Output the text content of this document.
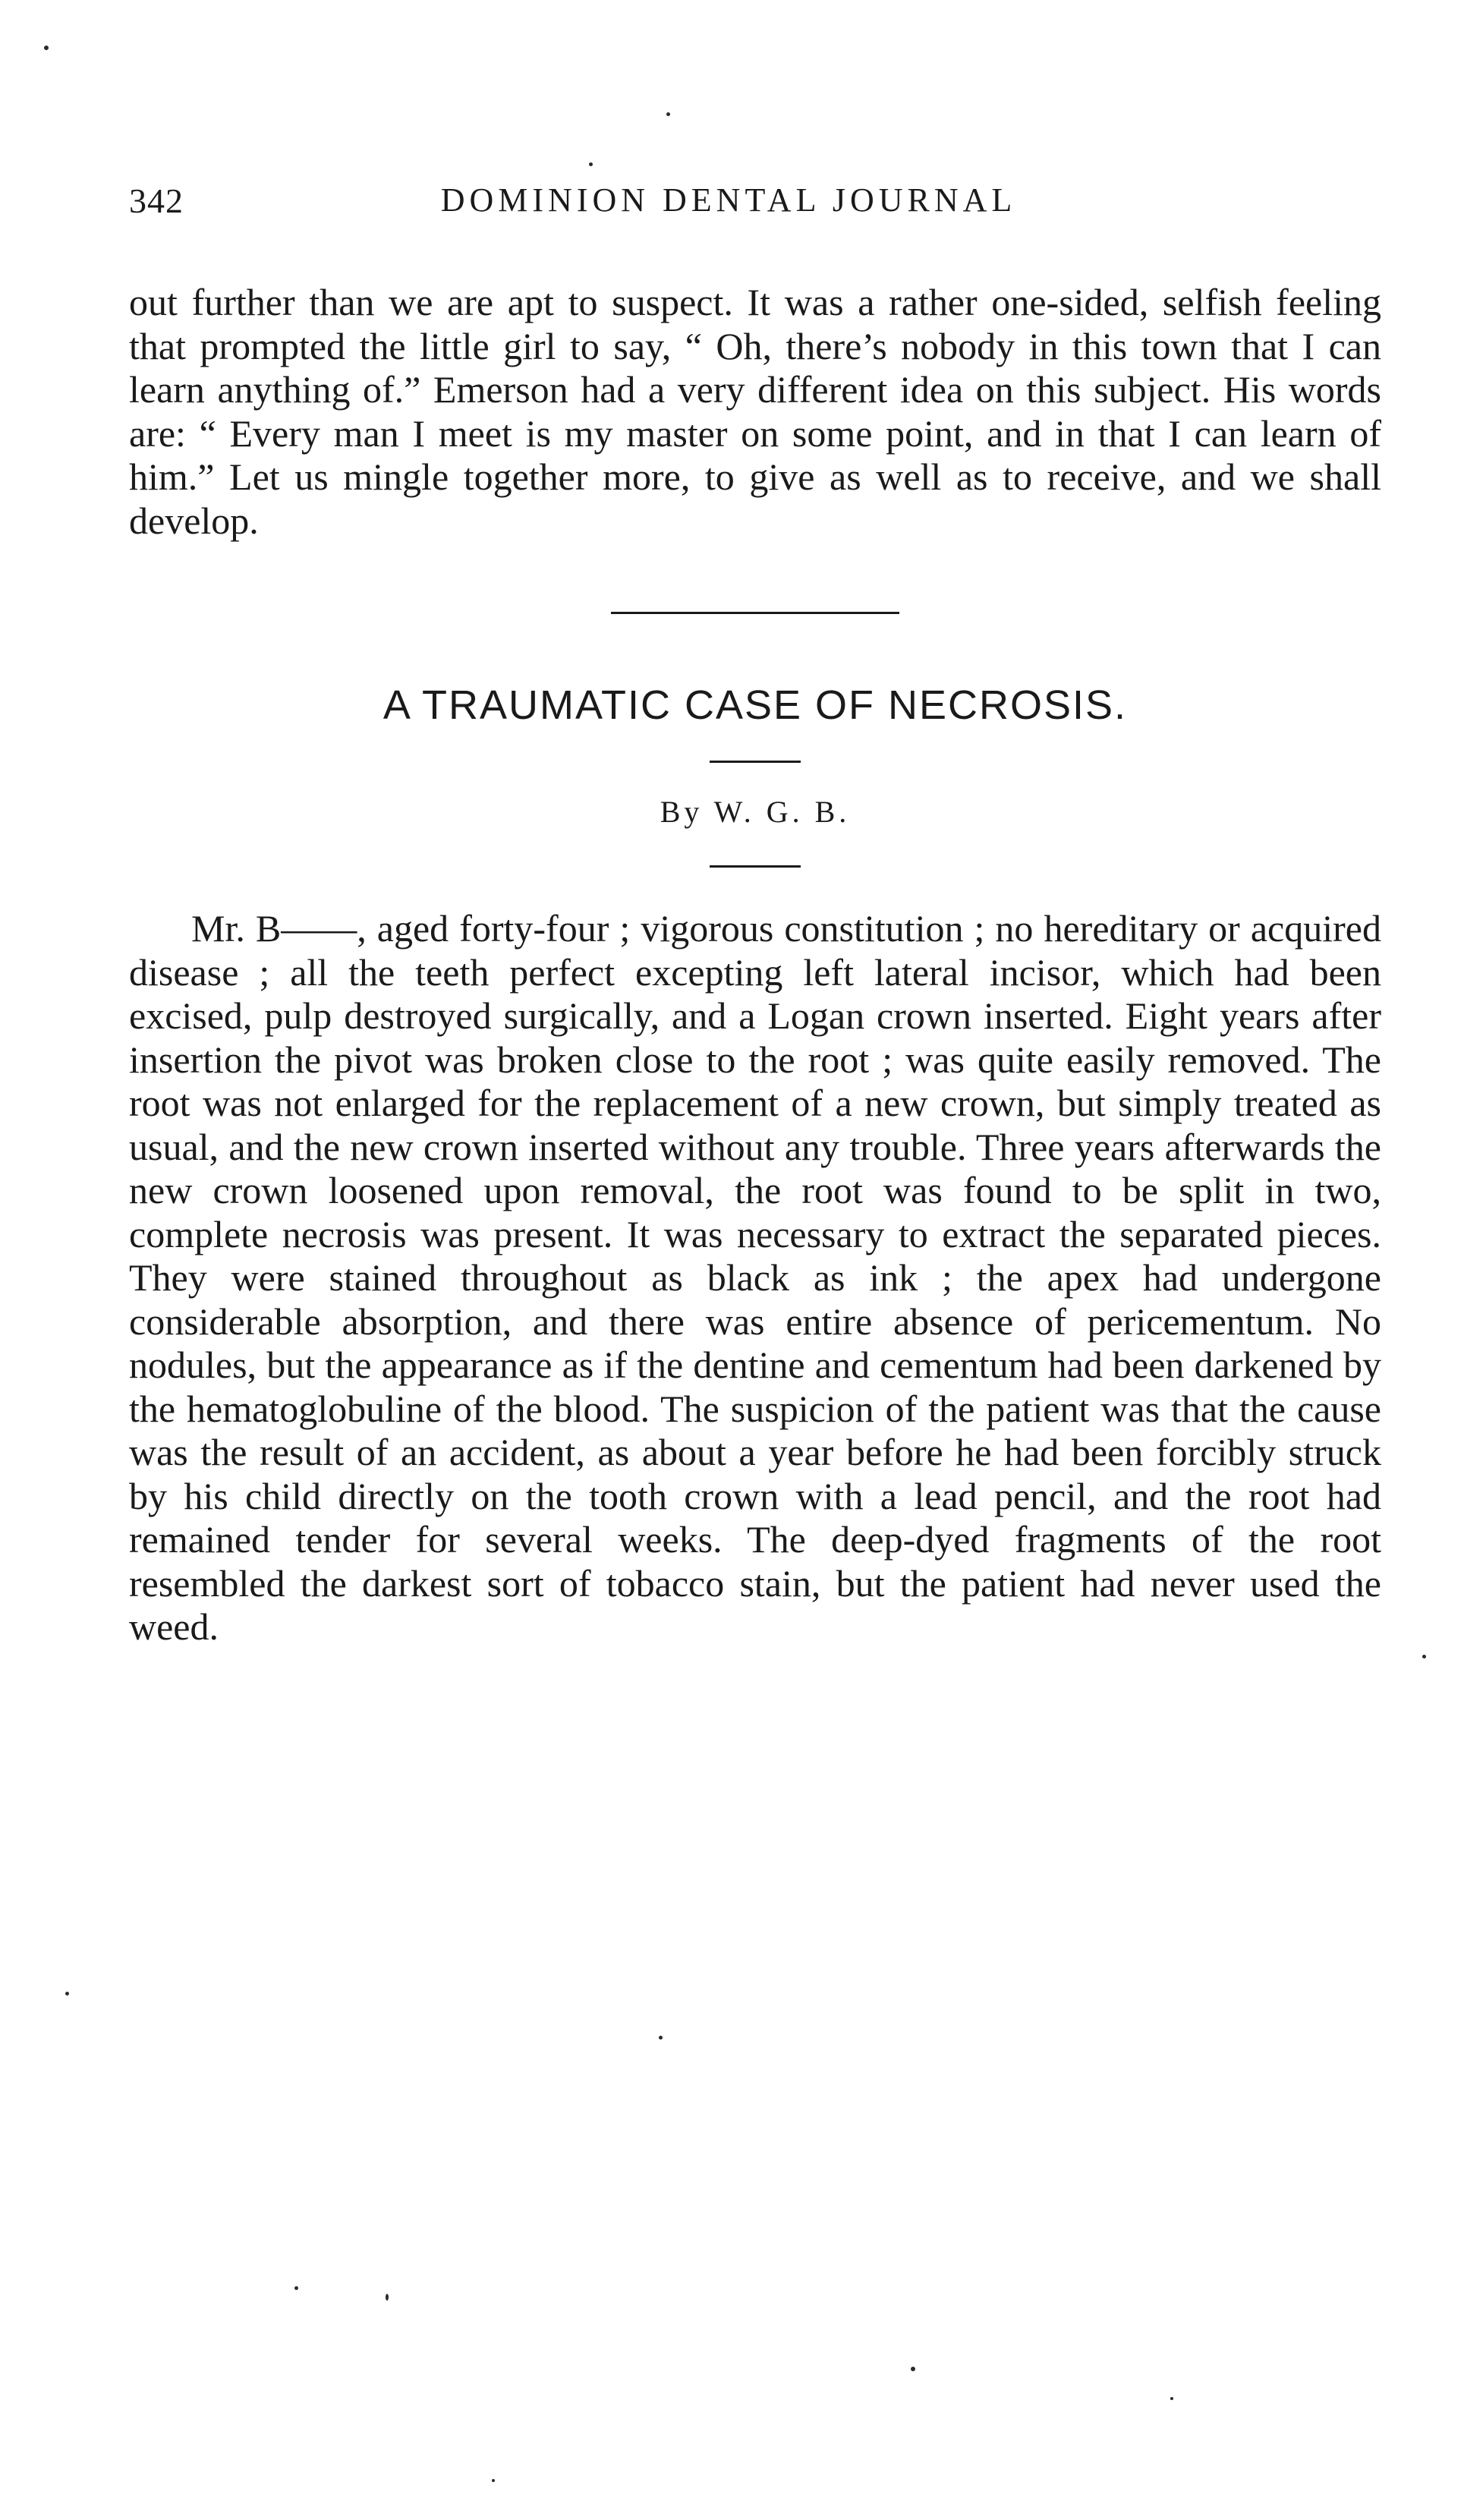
342	DOMINION DENTAL JOURNAL

out further than we are apt to suspect. It was a rather one-sided, selfish feeling that prompted the little girl to say, “ Oh, there’s nobody in this town that I can learn anything of.” Emerson had a very different idea on this subject. His words are: “ Every man I meet is my master on some point, and in that I can learn of him.” Let us mingle together more, to give as well as to receive, and we shall develop.

A TRAUMATIC CASE OF NECROSIS.
By W. G. B.

Mr. B——, aged forty-four ; vigorous constitution ; no hereditary or acquired disease ; all the teeth perfect excepting left lateral incisor, which had been excised, pulp destroyed surgically, and a Logan crown inserted. Eight years after insertion the pivot was broken close to the root ; was quite easily removed. The root was not enlarged for the replacement of a new crown, but simply treated as usual, and the new crown inserted without any trouble. Three years afterwards the new crown loosened upon removal, the root was found to be split in two, complete necrosis was present. It was necessary to extract the separated pieces. They were stained throughout as black as ink ; the apex had undergone considerable absorption, and there was entire absence of pericementum. No nodules, but the appearance as if the dentine and cementum had been darkened by the hematoglobuline of the blood. The suspicion of the patient was that the cause was the result of an accident, as about a year before he had been forcibly struck by his child directly on the tooth crown with a lead pencil, and the root had remained tender for several weeks. The deep-dyed fragments of the root resembled the darkest sort of tobacco stain, but the patient had never used the weed.
